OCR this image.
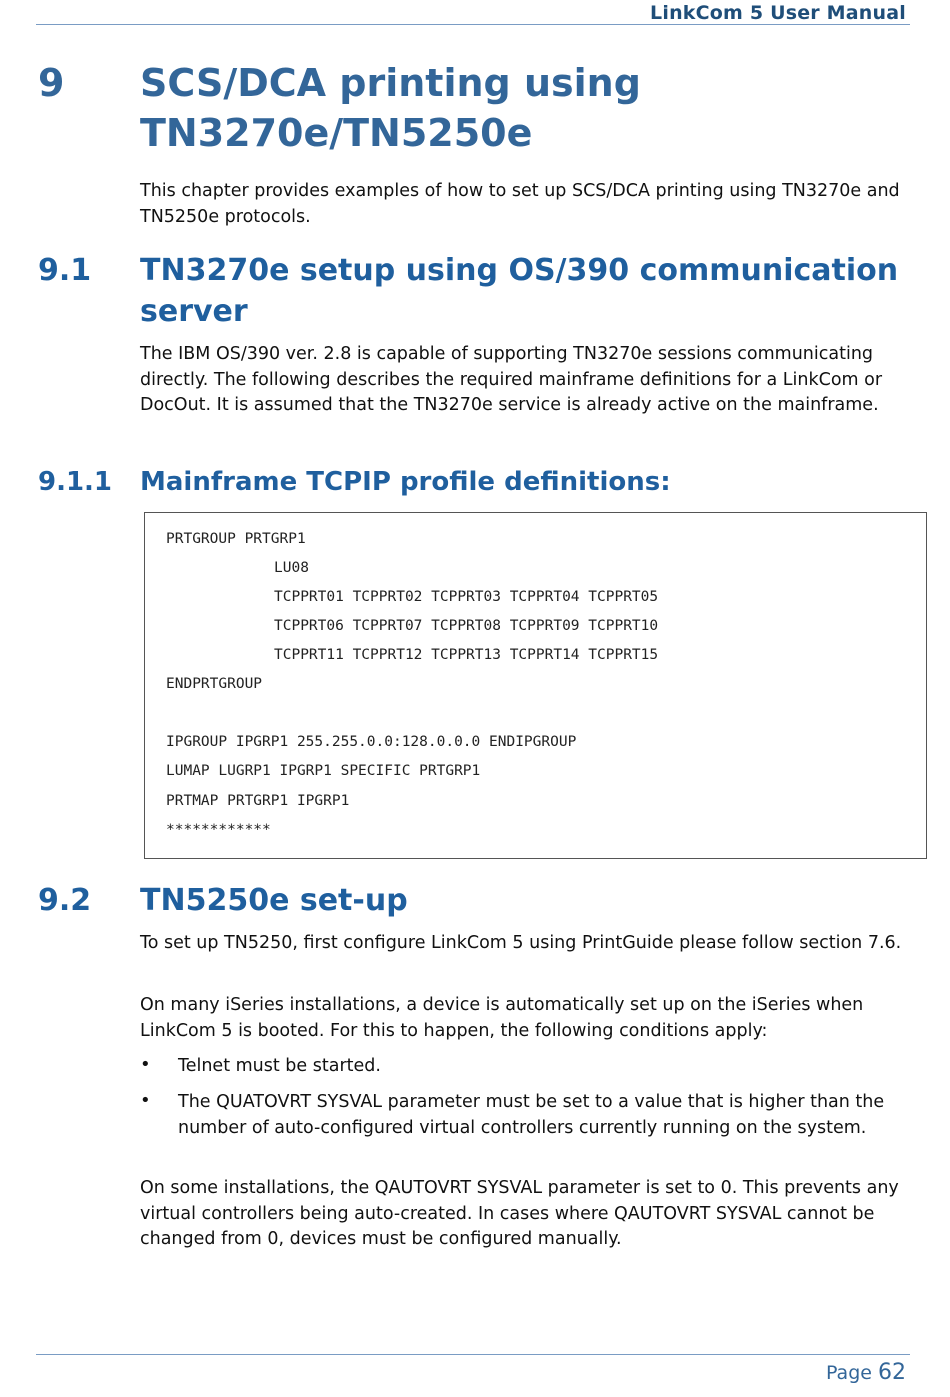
LinkCom 5 User Manual
9 SCS/DCA printing using TN3270e/TN5250e
This chapter provides examples of how to set up SCS/DCA printing using TN3270e and TN5250e protocols.
9.1 TN3270e setup using OS/390 communication server
The IBM OS/390 ver. 2.8 is capable of supporting TN3270e sessions communicating directly. The following describes the required mainframe definitions for a LinkCom or DocOut. It is assumed that the TN3270e service is already active on the mainframe.
9.1.1 Mainframe TCPIP profile definitions:
PRTGROUP PRTGRP1
LU08
TCPPRT01 TCPPRT02 TCPPRT03 TCPPRT04 TCPPRT05
TCPPRT06 TCPPRT07 TCPPRT08 TCPPRT09 TCPPRT10
TCPPRT11 TCPPRT12 TCPPRT13 TCPPRT14 TCPPRT15
ENDPRTGROUP
IPGROUP IPGRP1 255.255.0.0:128.0.0.0 ENDIPGROUP
LUMAP LUGRP1 IPGRP1 SPECIFIC PRTGRP1
PRTMAP PRTGRP1 IPGRP1
************
9.2 TN5250e set-up
To set up TN5250, first configure LinkCom 5 using PrintGuide please follow section 7.6.
On many iSeries installations, a device is automatically set up on the iSeries when LinkCom 5 is booted. For this to happen, the following conditions apply:
• Telnet must be started.
• The QUATOVRT SYSVAL parameter must be set to a value that is higher than the number of auto-configured virtual controllers currently running on the system.
On some installations, the QAUTOVRT SYSVAL parameter is set to 0. This prevents any virtual controllers being auto-created. In cases where QAUTOVRT SYSVAL cannot be changed from 0, devices must be configured manually.
Page 62
